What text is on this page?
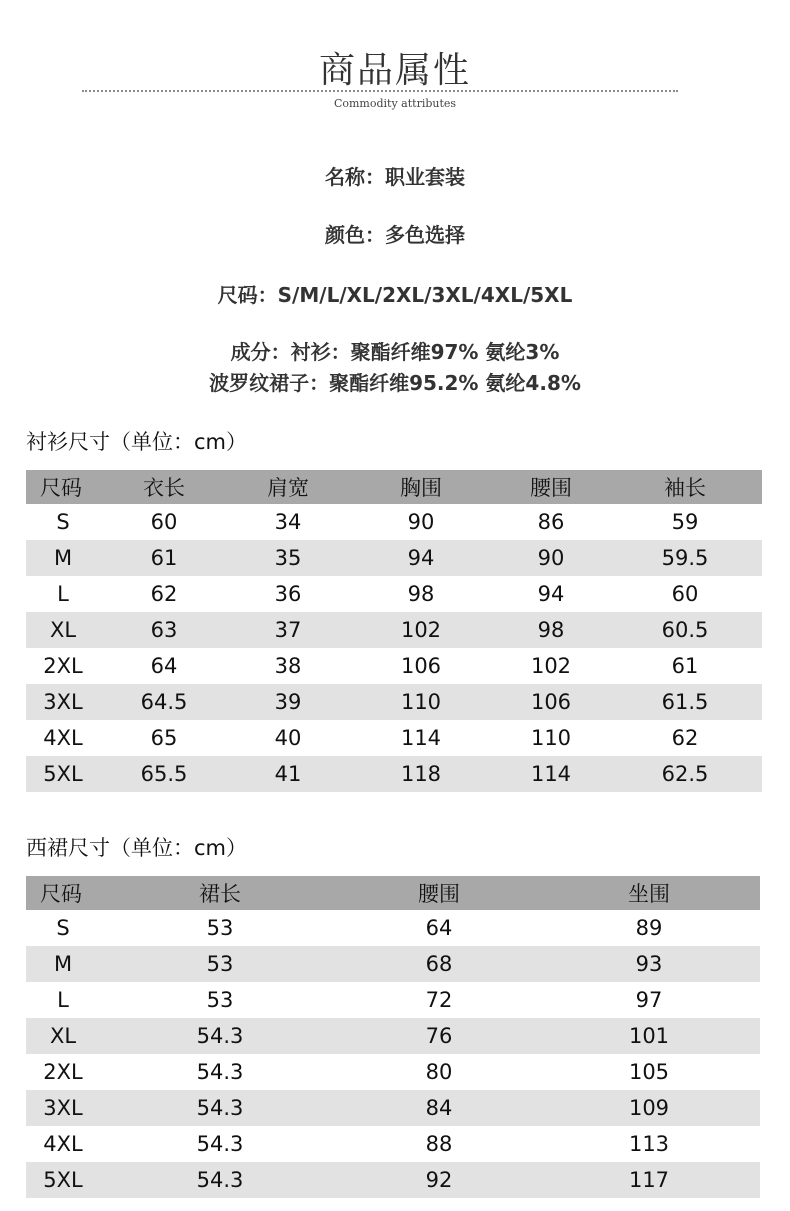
商品属性
Commodity attributes
名称：职业套装
颜色：多色选择
尺码：S/M/L/XL/2XL/3XL/4XL/5XL
成分：衬衫：聚酯纤维97% 氨纶3%
波罗纹裙子：聚酯纤维95.2% 氨纶4.8%
衬衫尺寸（单位：cm）
尺码	衣长	肩宽	胸围	腰围	袖长
S	60	34	90	86	59
M	61	35	94	90	59.5
L	62	36	98	94	60
XL	63	37	102	98	60.5
2XL	64	38	106	102	61
3XL	64.5	39	110	106	61.5
4XL	65	40	114	110	62
5XL	65.5	41	118	114	62.5
西裙尺寸（单位：cm）
尺码	裙长	腰围	坐围
S	53	64	89
M	53	68	93
L	53	72	97
XL	54.3	76	101
2XL	54.3	80	105
3XL	54.3	84	109
4XL	54.3	88	113
5XL	54.3	92	117
